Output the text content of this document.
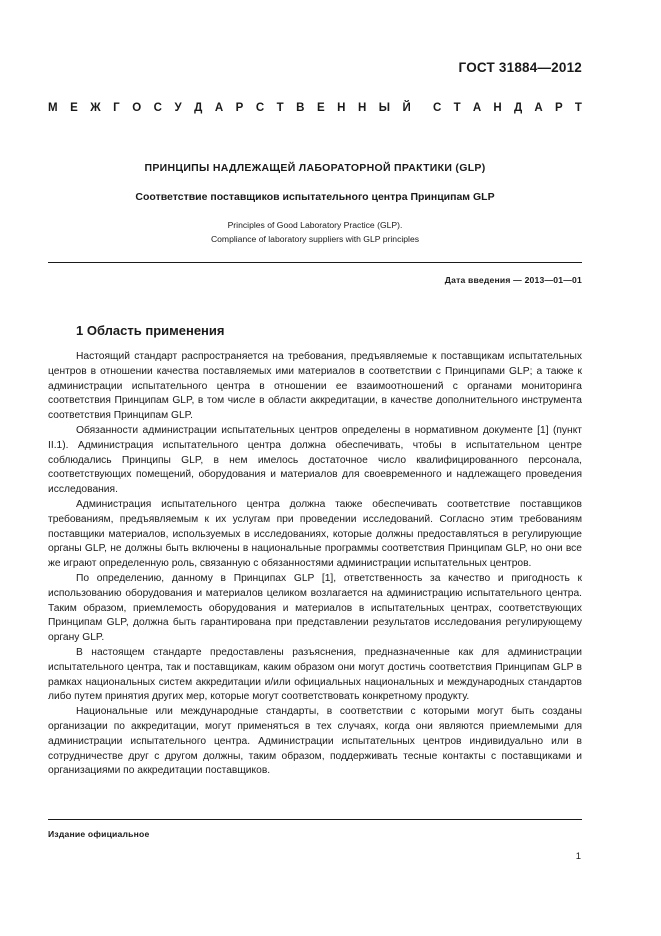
ГОСТ 31884—2012
М Е Ж Г О С У Д А Р С Т В Е Н Н Ы Й С Т А Н Д А Р Т
ПРИНЦИПЫ НАДЛЕЖАЩЕЙ ЛАБОРАТОРНОЙ ПРАКТИКИ (GLP)
Соответствие поставщиков испытательного центра Принципам GLP
Principles of Good Laboratory Practice (GLP).
Compliance of laboratory suppliers with GLP principles
Дата введения — 2013—01—01
1 Область применения

Настоящий стандарт распространяется на требования, предъявляемые к поставщикам испытательных центров в отношении качества поставляемых ими материалов в соответствии с Принципами GLP; а также к администрации испытательного центра в отношении ее взаимоотношений с органами мониторинга соответствия Принципам GLP, в том числе в области аккредитации, в качестве дополнительного инструмента соответствия Принципам GLP.

Обязанности администрации испытательных центров определены в нормативном документе [1] (пункт II.1). Администрация испытательного центра должна обеспечивать, чтобы в испытательном центре соблюдались Принципы GLP, в нем имелось достаточное число квалифицированного персонала, соответствующих помещений, оборудования и материалов для своевременного и надлежащего проведения исследования.

Администрация испытательного центра должна также обеспечивать соответствие поставщиков требованиям, предъявляемым к их услугам при проведении исследований. Согласно этим требованиям поставщики материалов, используемых в исследованиях, которые должны предоставляться в регулирующие органы GLP, не должны быть включены в национальные программы соответствия Принципам GLP, но они все же играют определенную роль, связанную с обязанностями администрации испытательных центров.

По определению, данному в Принципах GLP [1], ответственность за качество и пригодность к использованию оборудования и материалов целиком возлагается на администрацию испытательного центра. Таким образом, приемлемость оборудования и материалов в испытательных центрах, соответствующих Принципам GLP, должна быть гарантирована при представлении результатов исследования регулирующему органу GLP.

В настоящем стандарте предоставлены разъяснения, предназначенные как для администрации испытательного центра, так и поставщикам, каким образом они могут достичь соответствия Принципам GLP в рамках национальных систем аккредитации и/или официальных национальных и международных стандартов либо путем принятия других мер, которые могут соответствовать конкретному продукту.

Национальные или международные стандарты, в соответствии с которыми могут быть созданы организации по аккредитации, могут применяться в тех случаях, когда они являются приемлемыми для администрации испытательного центра. Администрации испытательных центров индивидуально или в сотрудничестве друг с другом должны, таким образом, поддерживать тесные контакты с поставщиками и организациями по аккредитации поставщиков.

Издание официальное
1
